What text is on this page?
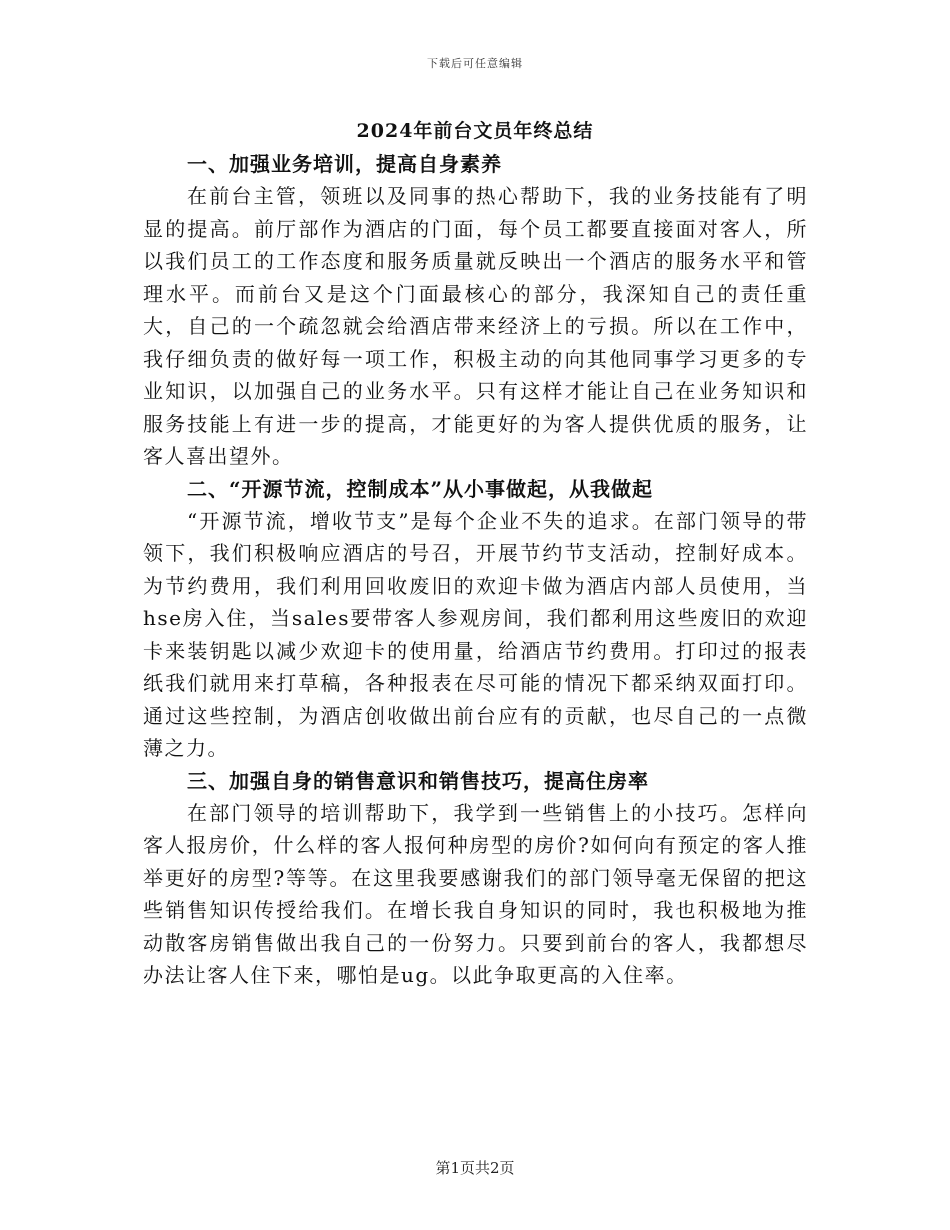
下载后可任意编辑
2024年前台文员年终总结

一、加强业务培训，提高自身素养

在前台主管，领班以及同事的热心帮助下，我的业务技能有了明显的提高。前厅部作为酒店的门面，每个员工都要直接面对客人，所以我们员工的工作态度和服务质量就反映出一个酒店的服务水平和管理水平。而前台又是这个门面最核心的部分，我深知自己的责任重大，自己的一个疏忽就会给酒店带来经济上的亏损。所以在工作中，我仔细负责的做好每一项工作，积极主动的向其他同事学习更多的专业知识，以加强自己的业务水平。只有这样才能让自己在业务知识和服务技能上有进一步的提高，才能更好的为客人提供优质的服务，让客人喜出望外。

二、“开源节流，控制成本”从小事做起，从我做起

“开源节流，增收节支”是每个企业不失的追求。在部门领导的带领下，我们积极响应酒店的号召，开展节约节支活动，控制好成本。为节约费用，我们利用回收废旧的欢迎卡做为酒店内部人员使用，当hse房入住，当sales要带客人参观房间，我们都利用这些废旧的欢迎卡来装钥匙以减少欢迎卡的使用量，给酒店节约费用。打印过的报表纸我们就用来打草稿，各种报表在尽可能的情况下都采纳双面打印。通过这些控制，为酒店创收做出前台应有的贡献，也尽自己的一点微薄之力。

三、加强自身的销售意识和销售技巧，提高住房率

在部门领导的培训帮助下，我学到一些销售上的小技巧。怎样向客人报房价，什么样的客人报何种房型的房价?如何向有预定的客人推举更好的房型?等等。在这里我要感谢我们的部门领导毫无保留的把这些销售知识传授给我们。在增长我自身知识的同时，我也积极地为推动散客房销售做出我自己的一份努力。只要到前台的客人，我都想尽办法让客人住下来，哪怕是ug。以此争取更高的入住率。

第1页共2页
